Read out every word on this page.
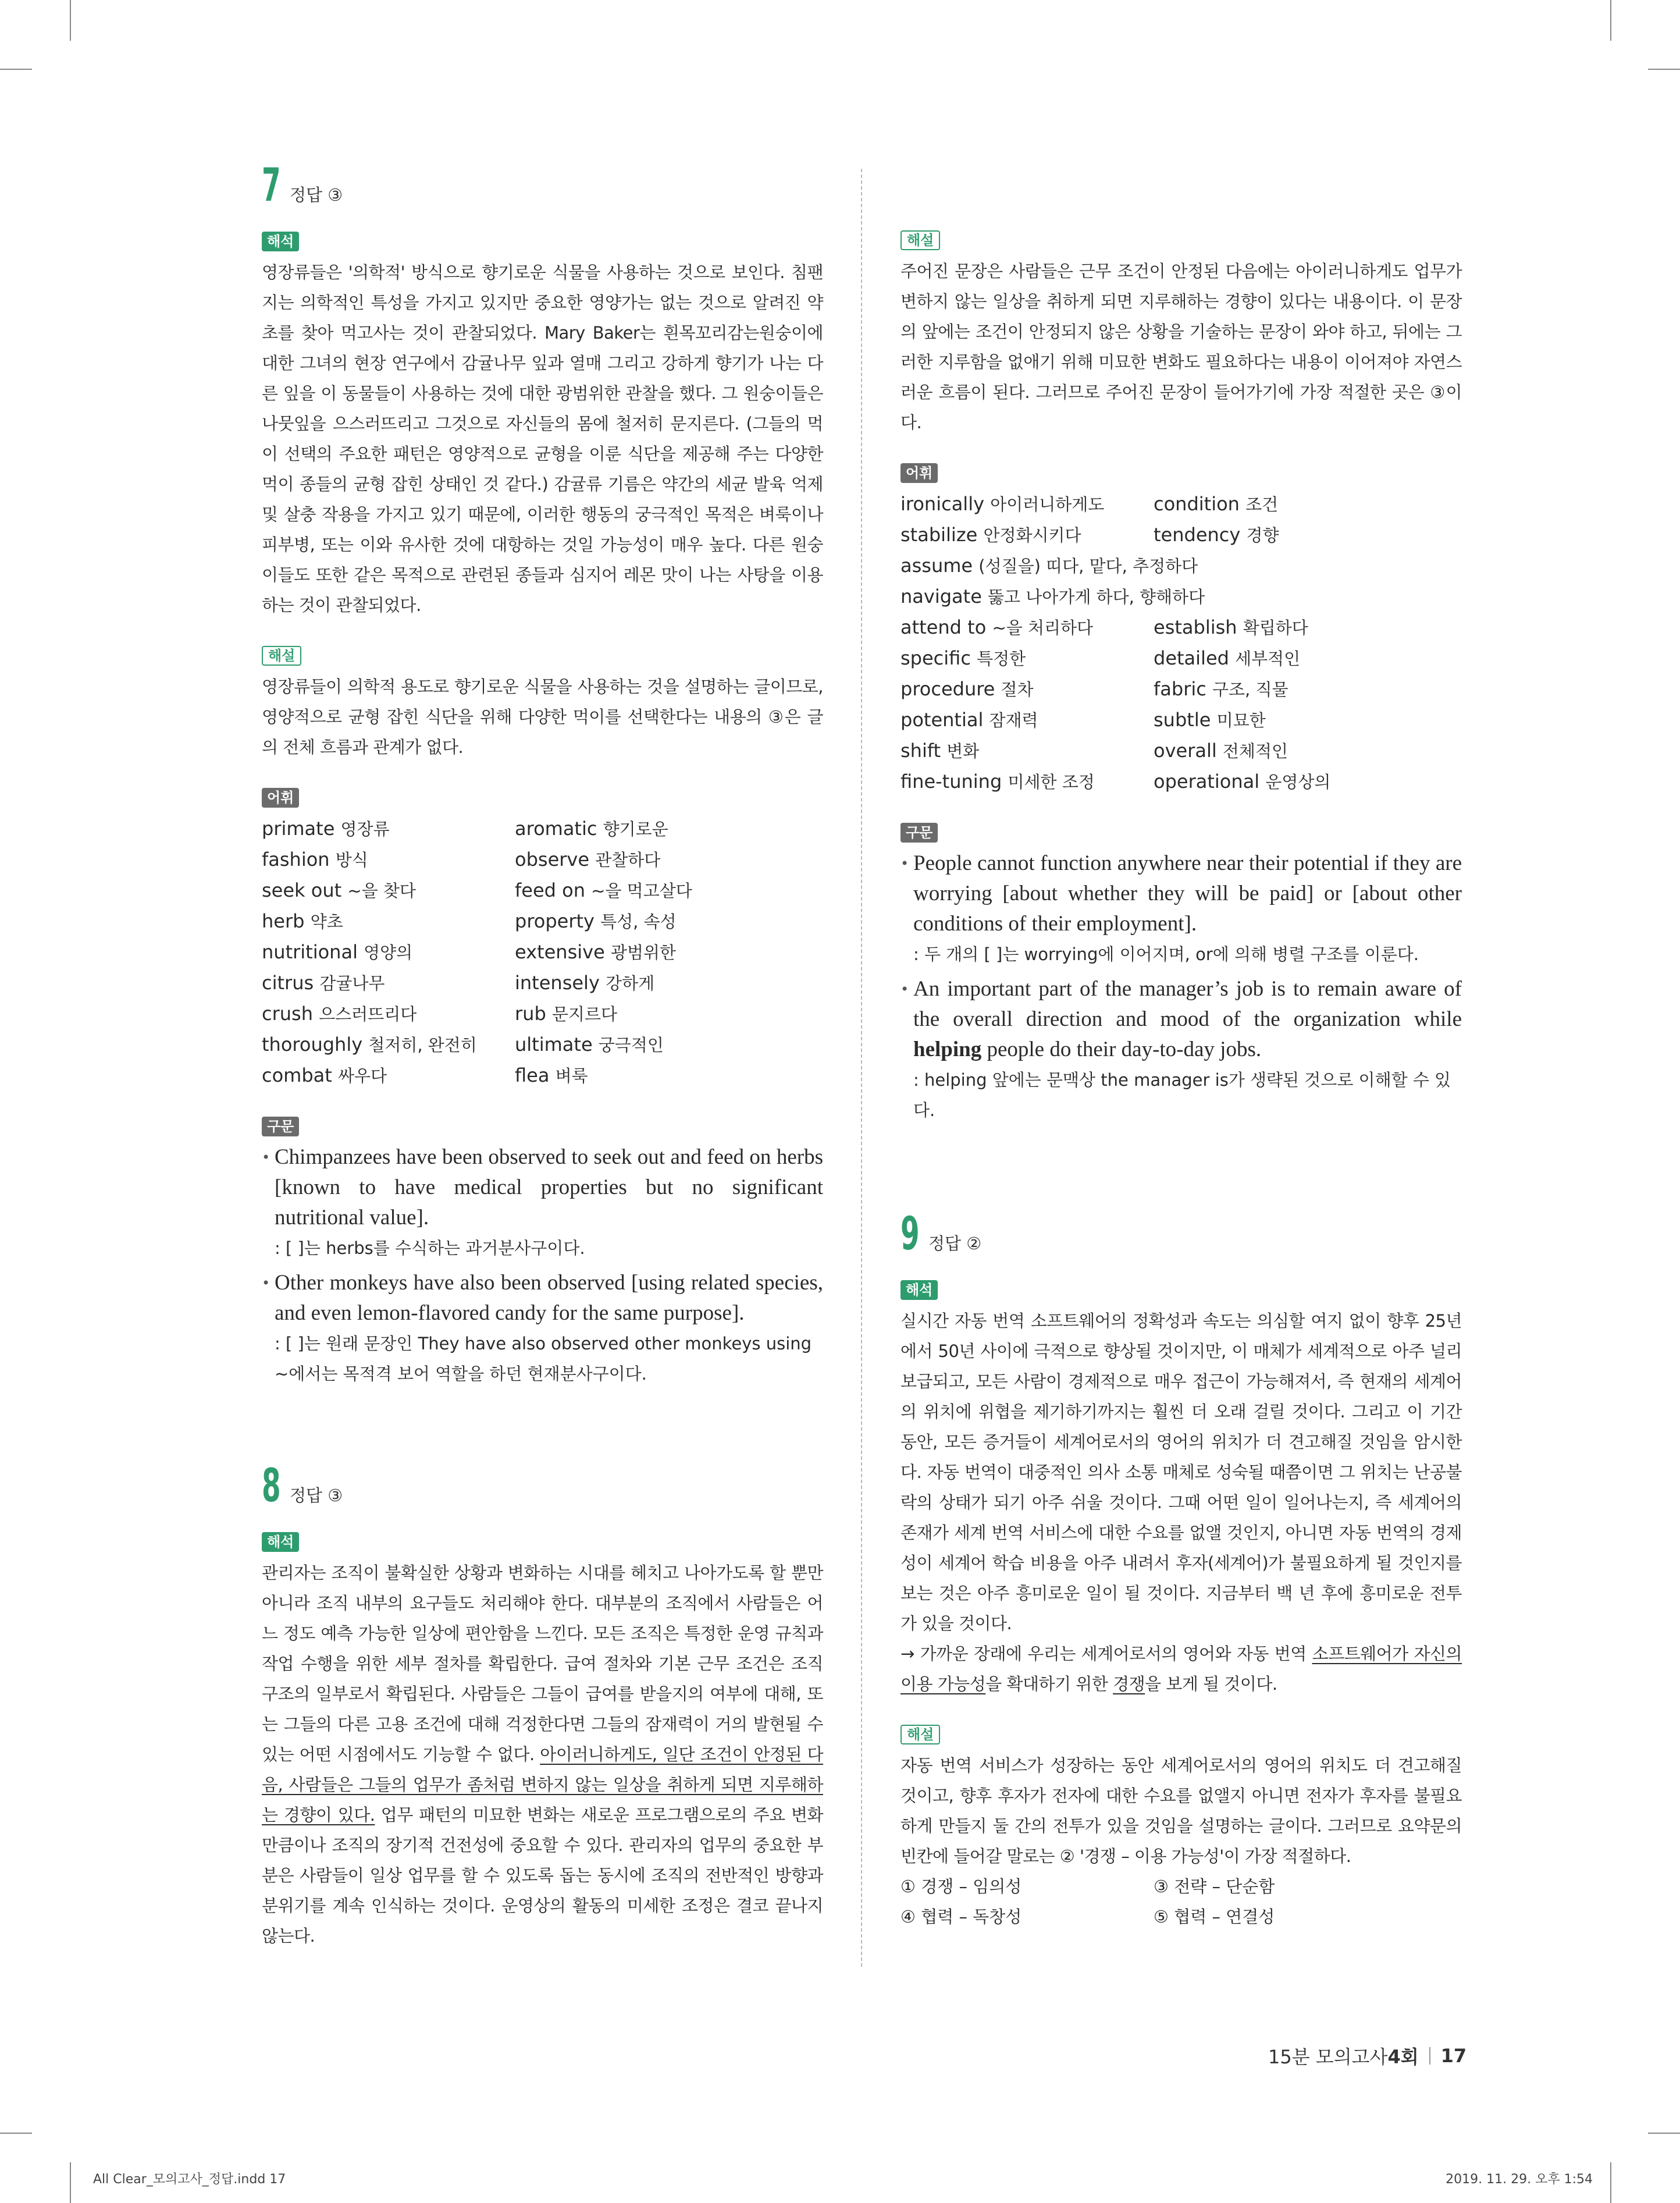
7 정답 ③
해석

영장류들은 '의학적' 방식으로 향기로운 식물을 사용하는 것으로 보인다. 침팬지는 의학적인 특성을 가지고 있지만 중요한 영양가는 없는 것으로 알려진 약초를 찾아 먹고사는 것이 관찰되었다. Mary Baker는 흰목꼬리감는원숭이에 대한 그녀의 현장 연구에서 감귤나무 잎과 열매 그리고 강하게 향기가 나는 다른 잎을 이 동물들이 사용하는 것에 대한 광범위한 관찰을 했다. 그 원숭이들은 나뭇잎을 으스러뜨리고 그것으로 자신들의 몸에 철저히 문지른다. (그들의 먹이 선택의 주요한 패턴은 영양적으로 균형을 이룬 식단을 제공해 주는 다양한 먹이 종들의 균형 잡힌 상태인 것 같다.) 감귤류 기름은 약간의 세균 발육 억제 및 살충 작용을 가지고 있기 때문에, 이러한 행동의 궁극적인 목적은 벼룩이나 피부병, 또는 이와 유사한 것에 대항하는 것일 가능성이 매우 높다. 다른 원숭이들도 또한 같은 목적으로 관련된 종들과 심지어 레몬 맛이 나는 사탕을 이용하는 것이 관찰되었다.

해설

영장류들이 의학적 용도로 향기로운 식물을 사용하는 것을 설명하는 글이므로, 영양적으로 균형 잡힌 식단을 위해 다양한 먹이를 선택한다는 내용의 ③은 글의 전체 흐름과 관계가 없다.

어휘
primate 영장류	aromatic 향기로운
fashion 방식	observe 관찰하다
seek out ~을 찾다	feed on ~을 먹고살다
herb 약초	property 특성, 속성
nutritional 영양의	extensive 광범위한
citrus 감귤나무	intensely 강하게
crush 으스러뜨리다	rub 문지르다
thoroughly 철저히, 완전히	ultimate 궁극적인
combat 싸우다	flea 벼룩
구문
• Chimpanzees have been observed to seek out and feed on herbs [known to have medical properties but no significant nutritional value].
: [ ]는 herbs를 수식하는 과거분사구이다.
• Other monkeys have also been observed [using related species, and even lemon-flavored candy for the same purpose].
: [ ]는 원래 문장인 They have also observed other monkeys using ~에서는 목적격 보어 역할을 하던 현재분사구이다.
8 정답 ③
해석

관리자는 조직이 불확실한 상황과 변화하는 시대를 헤치고 나아가도록 할 뿐만 아니라 조직 내부의 요구들도 처리해야 한다. 대부분의 조직에서 사람들은 어느 정도 예측 가능한 일상에 편안함을 느낀다. 모든 조직은 특정한 운영 규칙과 작업 수행을 위한 세부 절차를 확립한다. 급여 절차와 기본 근무 조건은 조직 구조의 일부로서 확립된다. 사람들은 그들이 급여를 받을지의 여부에 대해, 또는 그들의 다른 고용 조건에 대해 걱정한다면 그들의 잠재력이 거의 발현될 수 있는 어떤 시점에서도 기능할 수 없다. 아이러니하게도, 일단 조건이 안정된 다음, 사람들은 그들의 업무가 좀처럼 변하지 않는 일상을 취하게 되면 지루해하는 경향이 있다. 업무 패턴의 미묘한 변화는 새로운 프로그램으로의 주요 변화만큼이나 조직의 장기적 건전성에 중요할 수 있다. 관리자의 업무의 중요한 부분은 사람들이 일상 업무를 할 수 있도록 돕는 동시에 조직의 전반적인 방향과 분위기를 계속 인식하는 것이다. 운영상의 활동의 미세한 조정은 결코 끝나지 않는다.

해설

주어진 문장은 사람들은 근무 조건이 안정된 다음에는 아이러니하게도 업무가 변하지 않는 일상을 취하게 되면 지루해하는 경향이 있다는 내용이다. 이 문장의 앞에는 조건이 안정되지 않은 상황을 기술하는 문장이 와야 하고, 뒤에는 그러한 지루함을 없애기 위해 미묘한 변화도 필요하다는 내용이 이어져야 자연스러운 흐름이 된다. 그러므로 주어진 문장이 들어가기에 가장 적절한 곳은 ③이다.

어휘
ironically 아이러니하게도	condition 조건
stabilize 안정화시키다	tendency 경향
assume (성질을) 띠다, 맡다, 추정하다
navigate 뚫고 나아가게 하다, 향해하다
attend to ~을 처리하다	establish 확립하다
specific 특정한	detailed 세부적인
procedure 절차	fabric 구조, 직물
potential 잠재력	subtle 미묘한
shift 변화	overall 전체적인
fine-tuning 미세한 조정	operational 운영상의
구문
• People cannot function anywhere near their potential if they are worrying [about whether they will be paid] or [about other conditions of their employment].
: 두 개의 [ ]는 worrying에 이어지며, or에 의해 병렬 구조를 이룬다.
• An important part of the manager’s job is to remain aware of the overall direction and mood of the organization while helping people do their day-to-day jobs.
: helping 앞에는 문맥상 the manager is가 생략된 것으로 이해할 수 있다.
9 정답 ②
해석

실시간 자동 번역 소프트웨어의 정확성과 속도는 의심할 여지 없이 향후 25년에서 50년 사이에 극적으로 향상될 것이지만, 이 매체가 세계적으로 아주 널리 보급되고, 모든 사람이 경제적으로 매우 접근이 가능해져서, 즉 현재의 세계어의 위치에 위협을 제기하기까지는 훨씬 더 오래 걸릴 것이다. 그리고 이 기간 동안, 모든 증거들이 세계어로서의 영어의 위치가 더 견고해질 것임을 암시한다. 자동 번역이 대중적인 의사 소통 매체로 성숙될 때쯤이면 그 위치는 난공불락의 상태가 되기 아주 쉬울 것이다. 그때 어떤 일이 일어나는지, 즉 세계어의 존재가 세계 번역 서비스에 대한 수요를 없앨 것인지, 아니면 자동 번역의 경제성이 세계어 학습 비용을 아주 내려서 후자(세계어)가 불필요하게 될 것인지를 보는 것은 아주 흥미로운 일이 될 것이다. 지금부터 백 년 후에 흥미로운 전투가 있을 것이다.

→ 가까운 장래에 우리는 세계어로서의 영어와 자동 번역 소프트웨어가 자신의 이용 가능성을 확대하기 위한 경쟁을 보게 될 것이다.

해설

자동 번역 서비스가 성장하는 동안 세계어로서의 영어의 위치도 더 견고해질 것이고, 향후 후자가 전자에 대한 수요를 없앨지 아니면 전자가 후자를 불필요하게 만들지 둘 간의 전투가 있을 것임을 설명하는 글이다. 그러므로 요약문의 빈칸에 들어갈 말로는 ② '경쟁 – 이용 가능성'이 가장 적절하다.

① 경쟁 – 임의성	③ 전략 – 단순함
④ 협력 – 독창성	⑤ 협력 – 연결성
15분 모의고사 4회 17
All Clear_모의고사_정답.indd 17	2019. 11. 29. 오후 1:54
